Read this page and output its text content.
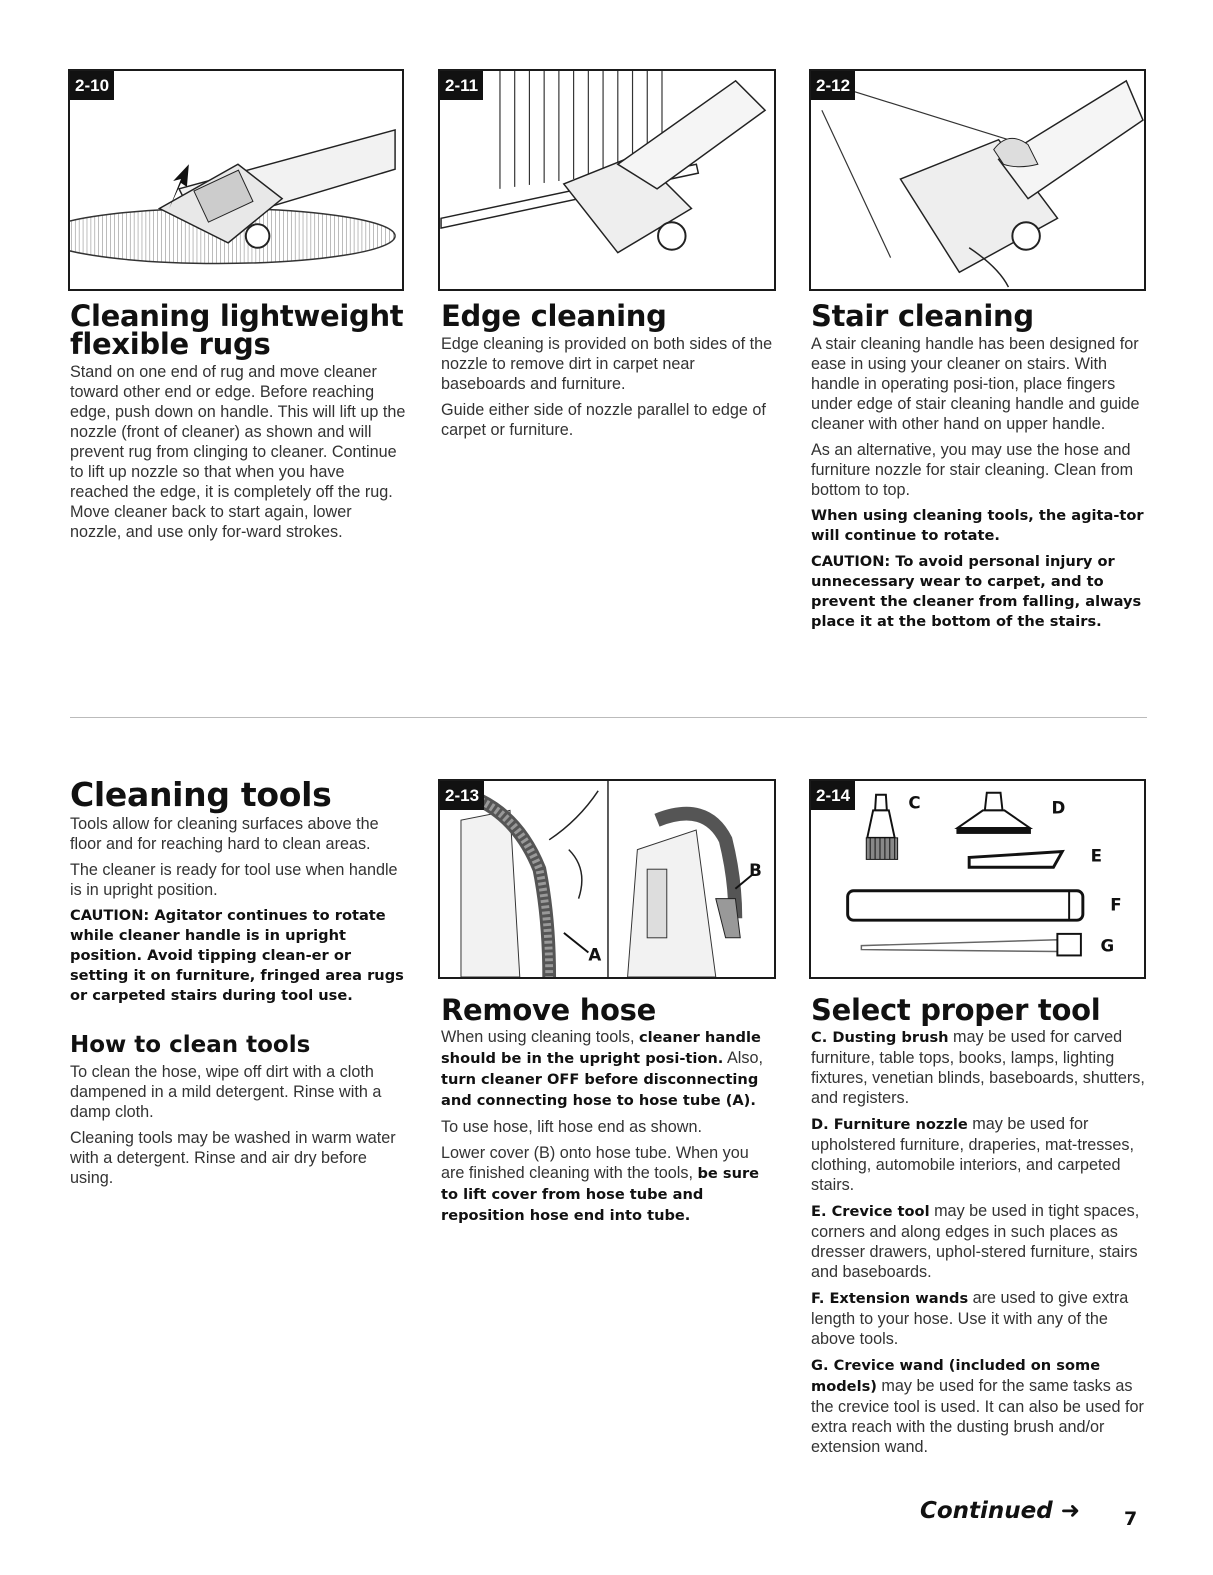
2-10	2-11	2-12
Cleaning lightweight
flexible rugs

Stand on one end of rug and move cleaner toward other end or edge. Before reaching edge, push down on handle. This will lift up the nozzle (front of cleaner) as shown and will prevent rug from clinging to cleaner. Continue to lift up nozzle so that when you have reached the edge, it is completely off the rug. Move cleaner back to start again, lower nozzle, and use only for-ward strokes.

Edge cleaning

Edge cleaning is provided on both sides of the nozzle to remove dirt in carpet near baseboards and furniture.

Guide either side of nozzle parallel to edge of carpet or furniture.

Stair cleaning

A stair cleaning handle has been designed for ease in using your cleaner on stairs. With handle in operating posi-tion, place fingers under edge of stair cleaning handle and guide cleaner with other hand on upper handle.

As an alternative, you may use the hose and furniture nozzle for stair cleaning. Clean from bottom to top.

When using cleaning tools, the agita-tor will continue to rotate.

CAUTION: To avoid personal injury or unnecessary wear to carpet, and to prevent the cleaner from falling, always place it at the bottom of the stairs.

Cleaning tools

Tools allow for cleaning surfaces above the floor and for reaching hard to clean areas.

The cleaner is ready for tool use when handle is in upright position.

CAUTION: Agitator continues to rotate while cleaner handle is in upright position. Avoid tipping clean-er or setting it on furniture, fringed area rugs or carpeted stairs during tool use.

How to clean tools

To clean the hose, wipe off dirt with a cloth dampened in a mild detergent. Rinse with a damp cloth.

Cleaning tools may be washed in warm water with a detergent. Rinse and air dry before using.

2-13
A
B
Remove hose

When using cleaning tools, cleaner handle should be in the upright posi-tion. Also, turn cleaner OFF before disconnecting and connecting hose to hose tube (A).

To use hose, lift hose end as shown.

Lower cover (B) onto hose tube. When you are finished cleaning with the tools, be sure to lift cover from hose tube and reposition hose end into tube.

2-14	C	D
E
F
G
Select proper tool

C. Dusting brush may be used for carved furniture, table tops, books, lamps, lighting fixtures, venetian blinds, baseboards, shutters, and registers.

D. Furniture nozzle may be used for upholstered furniture, draperies, mat-tresses, clothing, automobile interiors, and carpeted stairs.

E. Crevice tool may be used in tight spaces, corners and along edges in such places as dresser drawers, uphol-stered furniture, stairs and baseboards.

F. Extension wands are used to give extra length to your hose. Use it with any of the above tools.

G. Crevice wand (included on some models) may be used for the same tasks as the crevice tool is used. It can also be used for extra reach with the dusting brush and/or extension wand.

Continued ➜ 7
